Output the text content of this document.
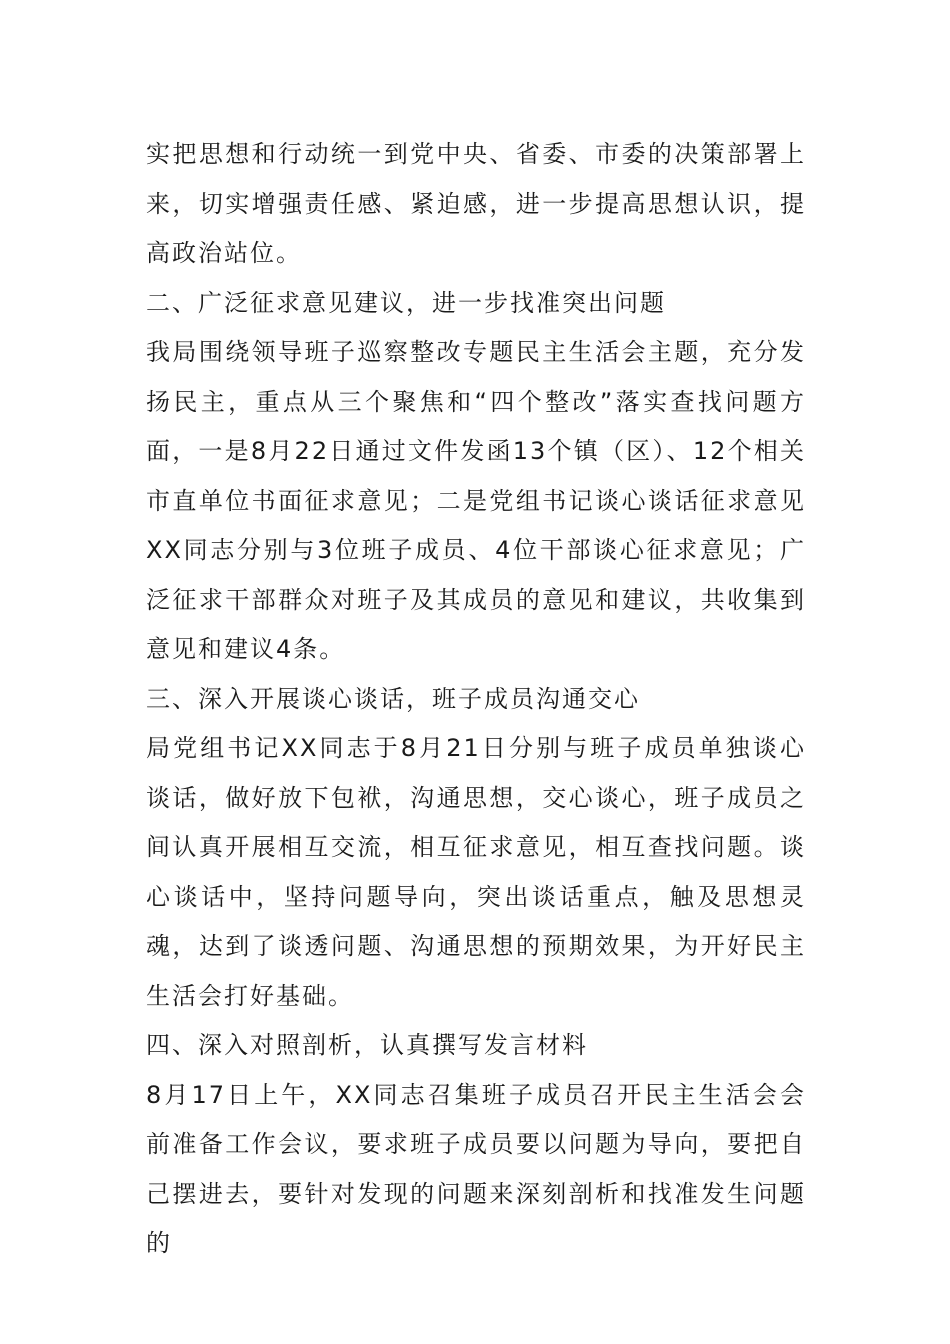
实把思想和行动统一到党中央、省委、市委的决策部署上来，切实增强责任感、紧迫感，进一步提高思想认识，提高政治站位。

二、广泛征求意见建议，进一步找准突出问题

我局围绕领导班子巡察整改专题民主生活会主题，充分发扬民主，重点从三个聚焦和“四个整改”落实查找问题方面，一是8月22日通过文件发函13个镇（区）、12个相关市直单位书面征求意见；二是党组书记谈心谈话征求意见XX同志分别与3位班子成员、4位干部谈心征求意见；广泛征求干部群众对班子及其成员的意见和建议，共收集到意见和建议4条。

三、深入开展谈心谈话，班子成员沟通交心

局党组书记XX同志于8月21日分别与班子成员单独谈心谈话，做好放下包袱，沟通思想，交心谈心，班子成员之间认真开展相互交流，相互征求意见，相互查找问题。谈心谈话中，坚持问题导向，突出谈话重点，触及思想灵魂，达到了谈透问题、沟通思想的预期效果，为开好民主生活会打好基础。

四、深入对照剖析，认真撰写发言材料

8月17日上午，XX同志召集班子成员召开民主生活会会前准备工作会议，要求班子成员要以问题为导向，要把自己摆进去，要针对发现的问题来深刻剖析和找准发生问题的
